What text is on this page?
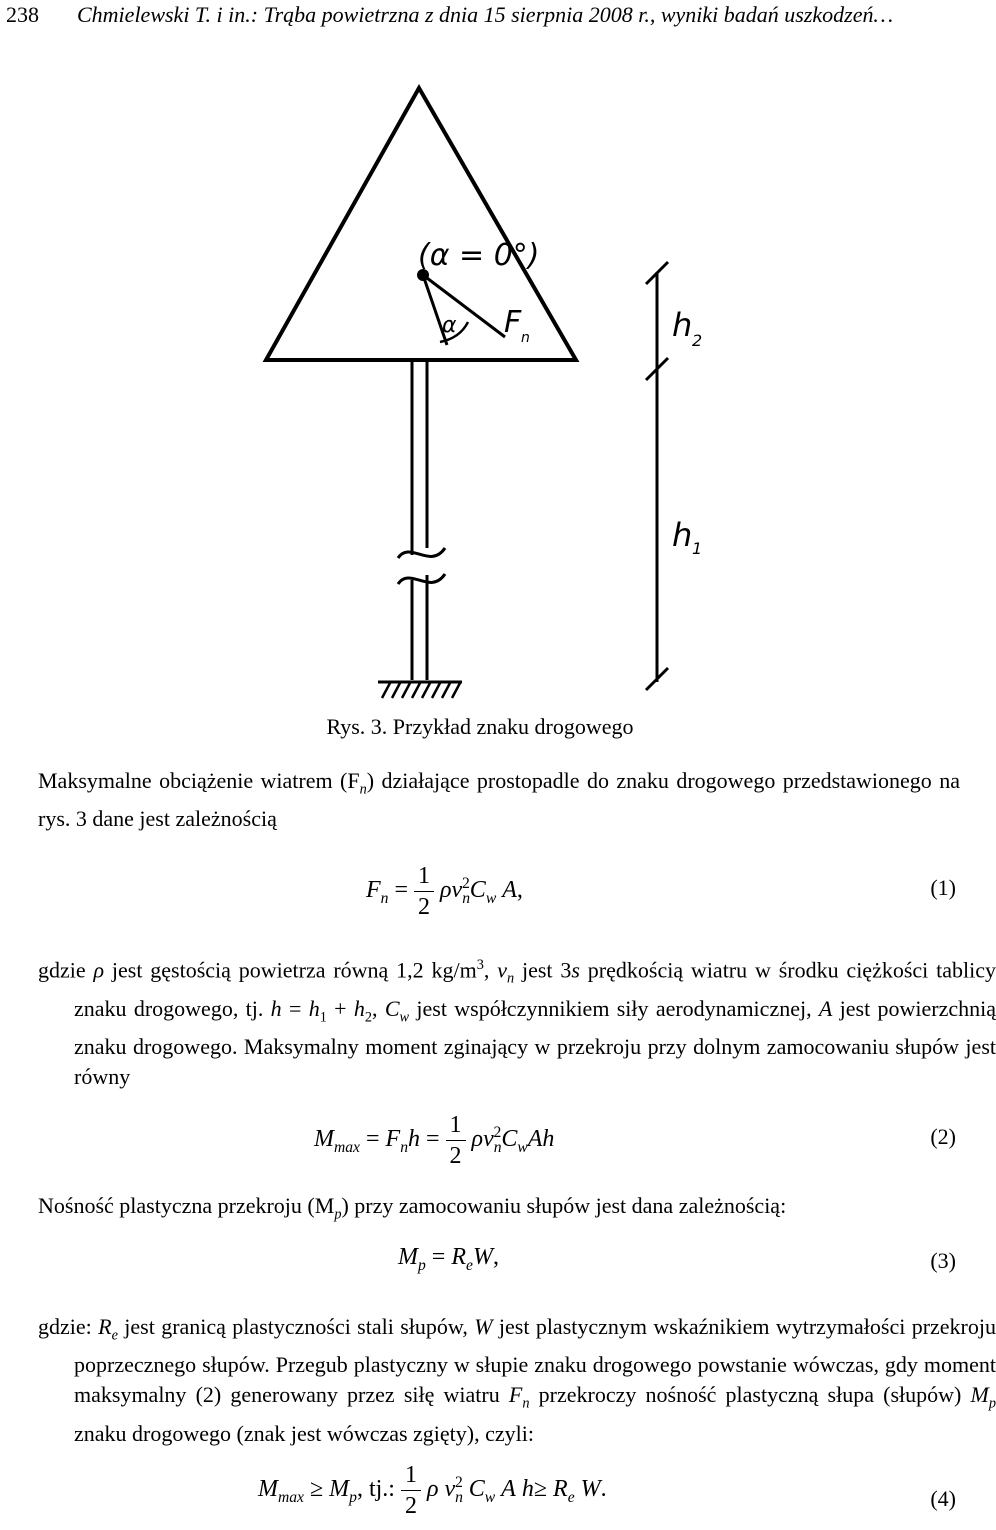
238 Chmielewski T. i in.: Trąba powietrzna z dnia 15 sierpnia 2008 r., wyniki badań uszkodzeń…
(α = 0°)
α F n	h 2
h 1
Rys. 3. Przykład znaku drogowego
Maksymalne obciążenie wiatrem $(F_n)$ działające prostopadle do znaku drogowego przedstawionego na rys. 3 dane jest zależnością
$F_n = \frac{1}{2} \rho v_n^2C_w$ A,	(1)
gdzie ρ jest gęstością powietrza równą 1,2 $kg/m^3$, $v_n$ jest 3s prędkością wiatru w środku ciężkości tablicy znaku drogowego, tj. $h = h_1 + h_2$, $C_w$ jest współczynnikiem siły aerodynamicznej, A jest powierzchnią znaku drogowego. Maksymalny moment zginający w przekroju przy dolnym zamocowaniu słupów jest równy
$M_{max} = F_nh = \frac{1}{2} \rho v_n^2C_wAh$	(2)
Nośność plastyczna przekroju $(M_p)$ przy zamocowaniu słupów jest dana zależnością:
$M_p = R_eW$,	(3)
gdzie: $R_e$ jest granicą plastyczności stali słupów, W jest plastycznym wskaźnikiem wytrzymałości przekroju poprzecznego słupów. Przegub plastyczny w słupie znaku drogowego powstanie wówczas, gdy moment maksymalny (2) generowany przez siłę wiatru $F_n$ przekroczy nośność plastyczną słupa (słupów) $M_p$ znaku drogowego (znak jest wówczas zgięty), czyli:
$M_{max} \ge M_p$, tj.: $\frac{1}{2}$ ρ $v_n^2$ $C_w$ A $h\ge R_e$ W.	(4)
